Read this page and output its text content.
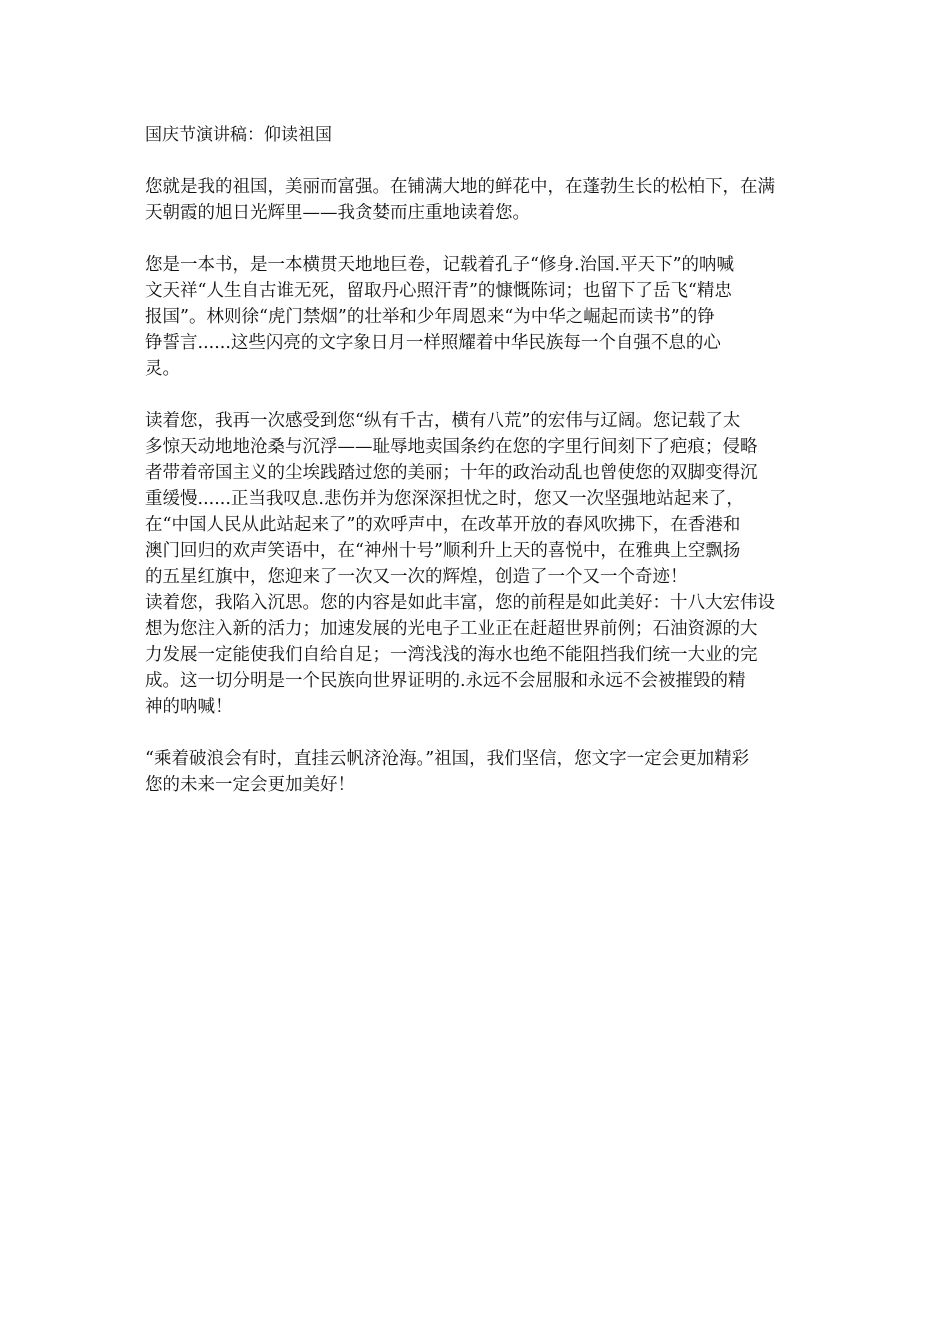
国庆节演讲稿：仰读祖国
您就是我的祖国，美丽而富强。在铺满大地的鲜花中，在蓬勃生长的松柏下，在满
天朝霞的旭日光辉里——我贪婪而庄重地读着您。
您是一本书，是一本横贯天地地巨卷，记载着孔子“修身.治国.平天下”的呐喊
文天祥“人生自古谁无死，留取丹心照汗青”的慷慨陈词；也留下了岳飞“精忠
报国”。林则徐“虎门禁烟”的壮举和少年周恩来“为中华之崛起而读书”的铮
铮誓言......这些闪亮的文字象日月一样照耀着中华民族每一个自强不息的心
灵。
读着您，我再一次感受到您“纵有千古，横有八荒”的宏伟与辽阔。您记载了太
多惊天动地地沧桑与沉浮——耻辱地卖国条约在您的字里行间刻下了疤痕；侵略
者带着帝国主义的尘埃践踏过您的美丽；十年的政治动乱也曾使您的双脚变得沉
重缓慢......正当我叹息.悲伤并为您深深担忧之时，您又一次坚强地站起来了，
在“中国人民从此站起来了”的欢呼声中，在改革开放的春风吹拂下，在香港和
澳门回归的欢声笑语中，在“神州十号”顺利升上天的喜悦中，在雅典上空飘扬
的五星红旗中，您迎来了一次又一次的辉煌，创造了一个又一个奇迹！
读着您，我陷入沉思。您的内容是如此丰富，您的前程是如此美好：十八大宏伟设
想为您注入新的活力；加速发展的光电子工业正在赶超世界前例；石油资源的大
力发展一定能使我们自给自足；一湾浅浅的海水也绝不能阻挡我们统一大业的完
成。这一切分明是一个民族向世界证明的.永远不会屈服和永远不会被摧毁的精
神的呐喊！
“乘着破浪会有时，直挂云帆济沧海。”祖国，我们坚信，您文字一定会更加精彩
您的未来一定会更加美好！
